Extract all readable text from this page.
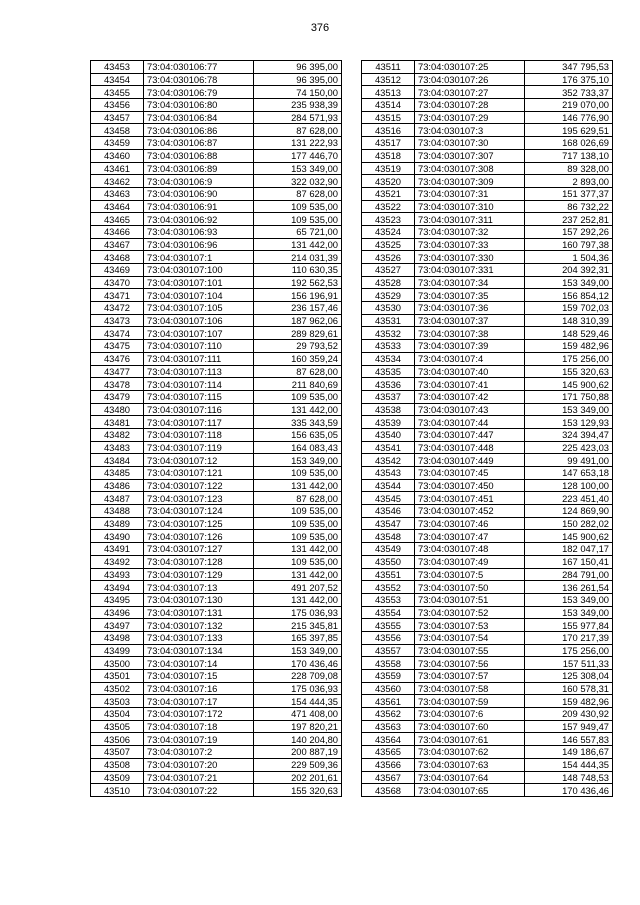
376
43453	73:04:030106:77	96 395,00
43454	73:04:030106:78	96 395,00
43455	73:04:030106:79	74 150,00
43456	73:04:030106:80	235 938,39
43457	73:04:030106:84	284 571,93
43458	73:04:030106:86	87 628,00
43459	73:04:030106:87	131 222,93
43460	73:04:030106:88	177 446,70
43461	73:04:030106:89	153 349,00
43462	73:04:030106:9	322 032,90
43463	73:04:030106:90	87 628,00
43464	73:04:030106:91	109 535,00
43465	73:04:030106:92	109 535,00
43466	73:04:030106:93	65 721,00
43467	73:04:030106:96	131 442,00
43468	73:04:030107:1	214 031,39
43469	73:04:030107:100	110 630,35
43470	73:04:030107:101	192 562,53
43471	73:04:030107:104	156 196,91
43472	73:04:030107:105	236 157,46
43473	73:04:030107:106	187 962,06
43474	73:04:030107:107	289 829,61
43475	73:04:030107:110	29 793,52
43476	73:04:030107:111	160 359,24
43477	73:04:030107:113	87 628,00
43478	73:04:030107:114	211 840,69
43479	73:04:030107:115	109 535,00
43480	73:04:030107:116	131 442,00
43481	73:04:030107:117	335 343,59
43482	73:04:030107:118	156 635,05
43483	73:04:030107:119	164 083,43
43484	73:04:030107:12	153 349,00
43485	73:04:030107:121	109 535,00
43486	73:04:030107:122	131 442,00
43487	73:04:030107:123	87 628,00
43488	73:04:030107:124	109 535,00
43489	73:04:030107:125	109 535,00
43490	73:04:030107:126	109 535,00
43491	73:04:030107:127	131 442,00
43492	73:04:030107:128	109 535,00
43493	73:04:030107:129	131 442,00
43494	73:04:030107:13	491 207,52
43495	73:04:030107:130	131 442,00
43496	73:04:030107:131	175 036,93
43497	73:04:030107:132	215 345,81
43498	73:04:030107:133	165 397,85
43499	73:04:030107:134	153 349,00
43500	73:04:030107:14	170 436,46
43501	73:04:030107:15	228 709,08
43502	73:04:030107:16	175 036,93
43503	73:04:030107:17	154 444,35
43504	73:04:030107:172	471 408,00
43505	73:04:030107:18	197 820,21
43506	73:04:030107:19	140 204,80
43507	73:04:030107:2	200 887,19
43508	73:04:030107:20	229 509,36
43509	73:04:030107:21	202 201,61
43510	73:04:030107:22	155 320,63
43511	73:04:030107:25	347 795,53
43512	73:04:030107:26	176 375,10
43513	73:04:030107:27	352 733,37
43514	73:04:030107:28	219 070,00
43515	73:04:030107:29	146 776,90
43516	73:04:030107:3	195 629,51
43517	73:04:030107:30	168 026,69
43518	73:04:030107:307	717 138,10
43519	73:04:030107:308	89 328,00
43520	73:04:030107:309	2 893,00
43521	73:04:030107:31	151 377,37
43522	73:04:030107:310	86 732,22
43523	73:04:030107:311	237 252,81
43524	73:04:030107:32	157 292,26
43525	73:04:030107:33	160 797,38
43526	73:04:030107:330	1 504,36
43527	73:04:030107:331	204 392,31
43528	73:04:030107:34	153 349,00
43529	73:04:030107:35	156 854,12
43530	73:04:030107:36	159 702,03
43531	73:04:030107:37	148 310,39
43532	73:04:030107:38	148 529,46
43533	73:04:030107:39	159 482,96
43534	73:04:030107:4	175 256,00
43535	73:04:030107:40	155 320,63
43536	73:04:030107:41	145 900,62
43537	73:04:030107:42	171 750,88
43538	73:04:030107:43	153 349,00
43539	73:04:030107:44	153 129,93
43540	73:04:030107:447	324 394,47
43541	73:04:030107:448	225 423,03
43542	73:04:030107:449	99 491,00
43543	73:04:030107:45	147 653,18
43544	73:04:030107:450	128 100,00
43545	73:04:030107:451	223 451,40
43546	73:04:030107:452	124 869,90
43547	73:04:030107:46	150 282,02
43548	73:04:030107:47	145 900,62
43549	73:04:030107:48	182 047,17
43550	73:04:030107:49	167 150,41
43551	73:04:030107:5	284 791,00
43552	73:04:030107:50	136 261,54
43553	73:04:030107:51	153 349,00
43554	73:04:030107:52	153 349,00
43555	73:04:030107:53	155 977,84
43556	73:04:030107:54	170 217,39
43557	73:04:030107:55	175 256,00
43558	73:04:030107:56	157 511,33
43559	73:04:030107:57	125 308,04
43560	73:04:030107:58	160 578,31
43561	73:04:030107:59	159 482,96
43562	73:04:030107:6	209 430,92
43563	73:04:030107:60	157 949,47
43564	73:04:030107:61	146 557,83
43565	73:04:030107:62	149 186,67
43566	73:04:030107:63	154 444,35
43567	73:04:030107:64	148 748,53
43568	73:04:030107:65	170 436,46
